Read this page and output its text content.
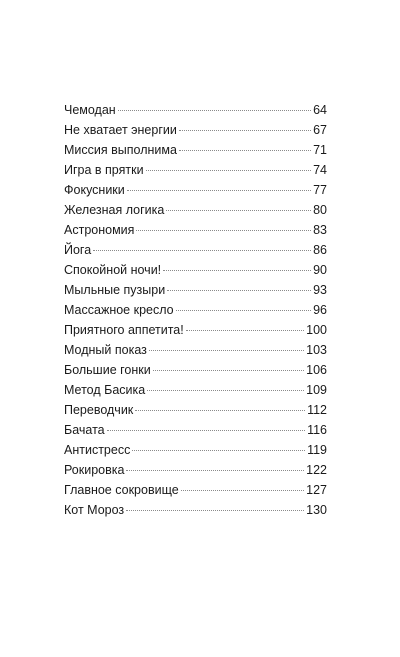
Чемодан	64
Не хватает энергии	67
Миссия выполнима	71
Игра в прятки	74
Фокусники	77
Железная логика	80
Астрономия	83
Йога	86
Спокойной ночи!	90
Мыльные пузыри	93
Массажное кресло	96
Приятного аппетита!	100
Модный показ	103
Большие гонки	106
Метод Басика	109
Переводчик	112
Бачата	116
Антистресс	119
Рокировка	122
Главное сокровище	127
Кот Мороз	130
